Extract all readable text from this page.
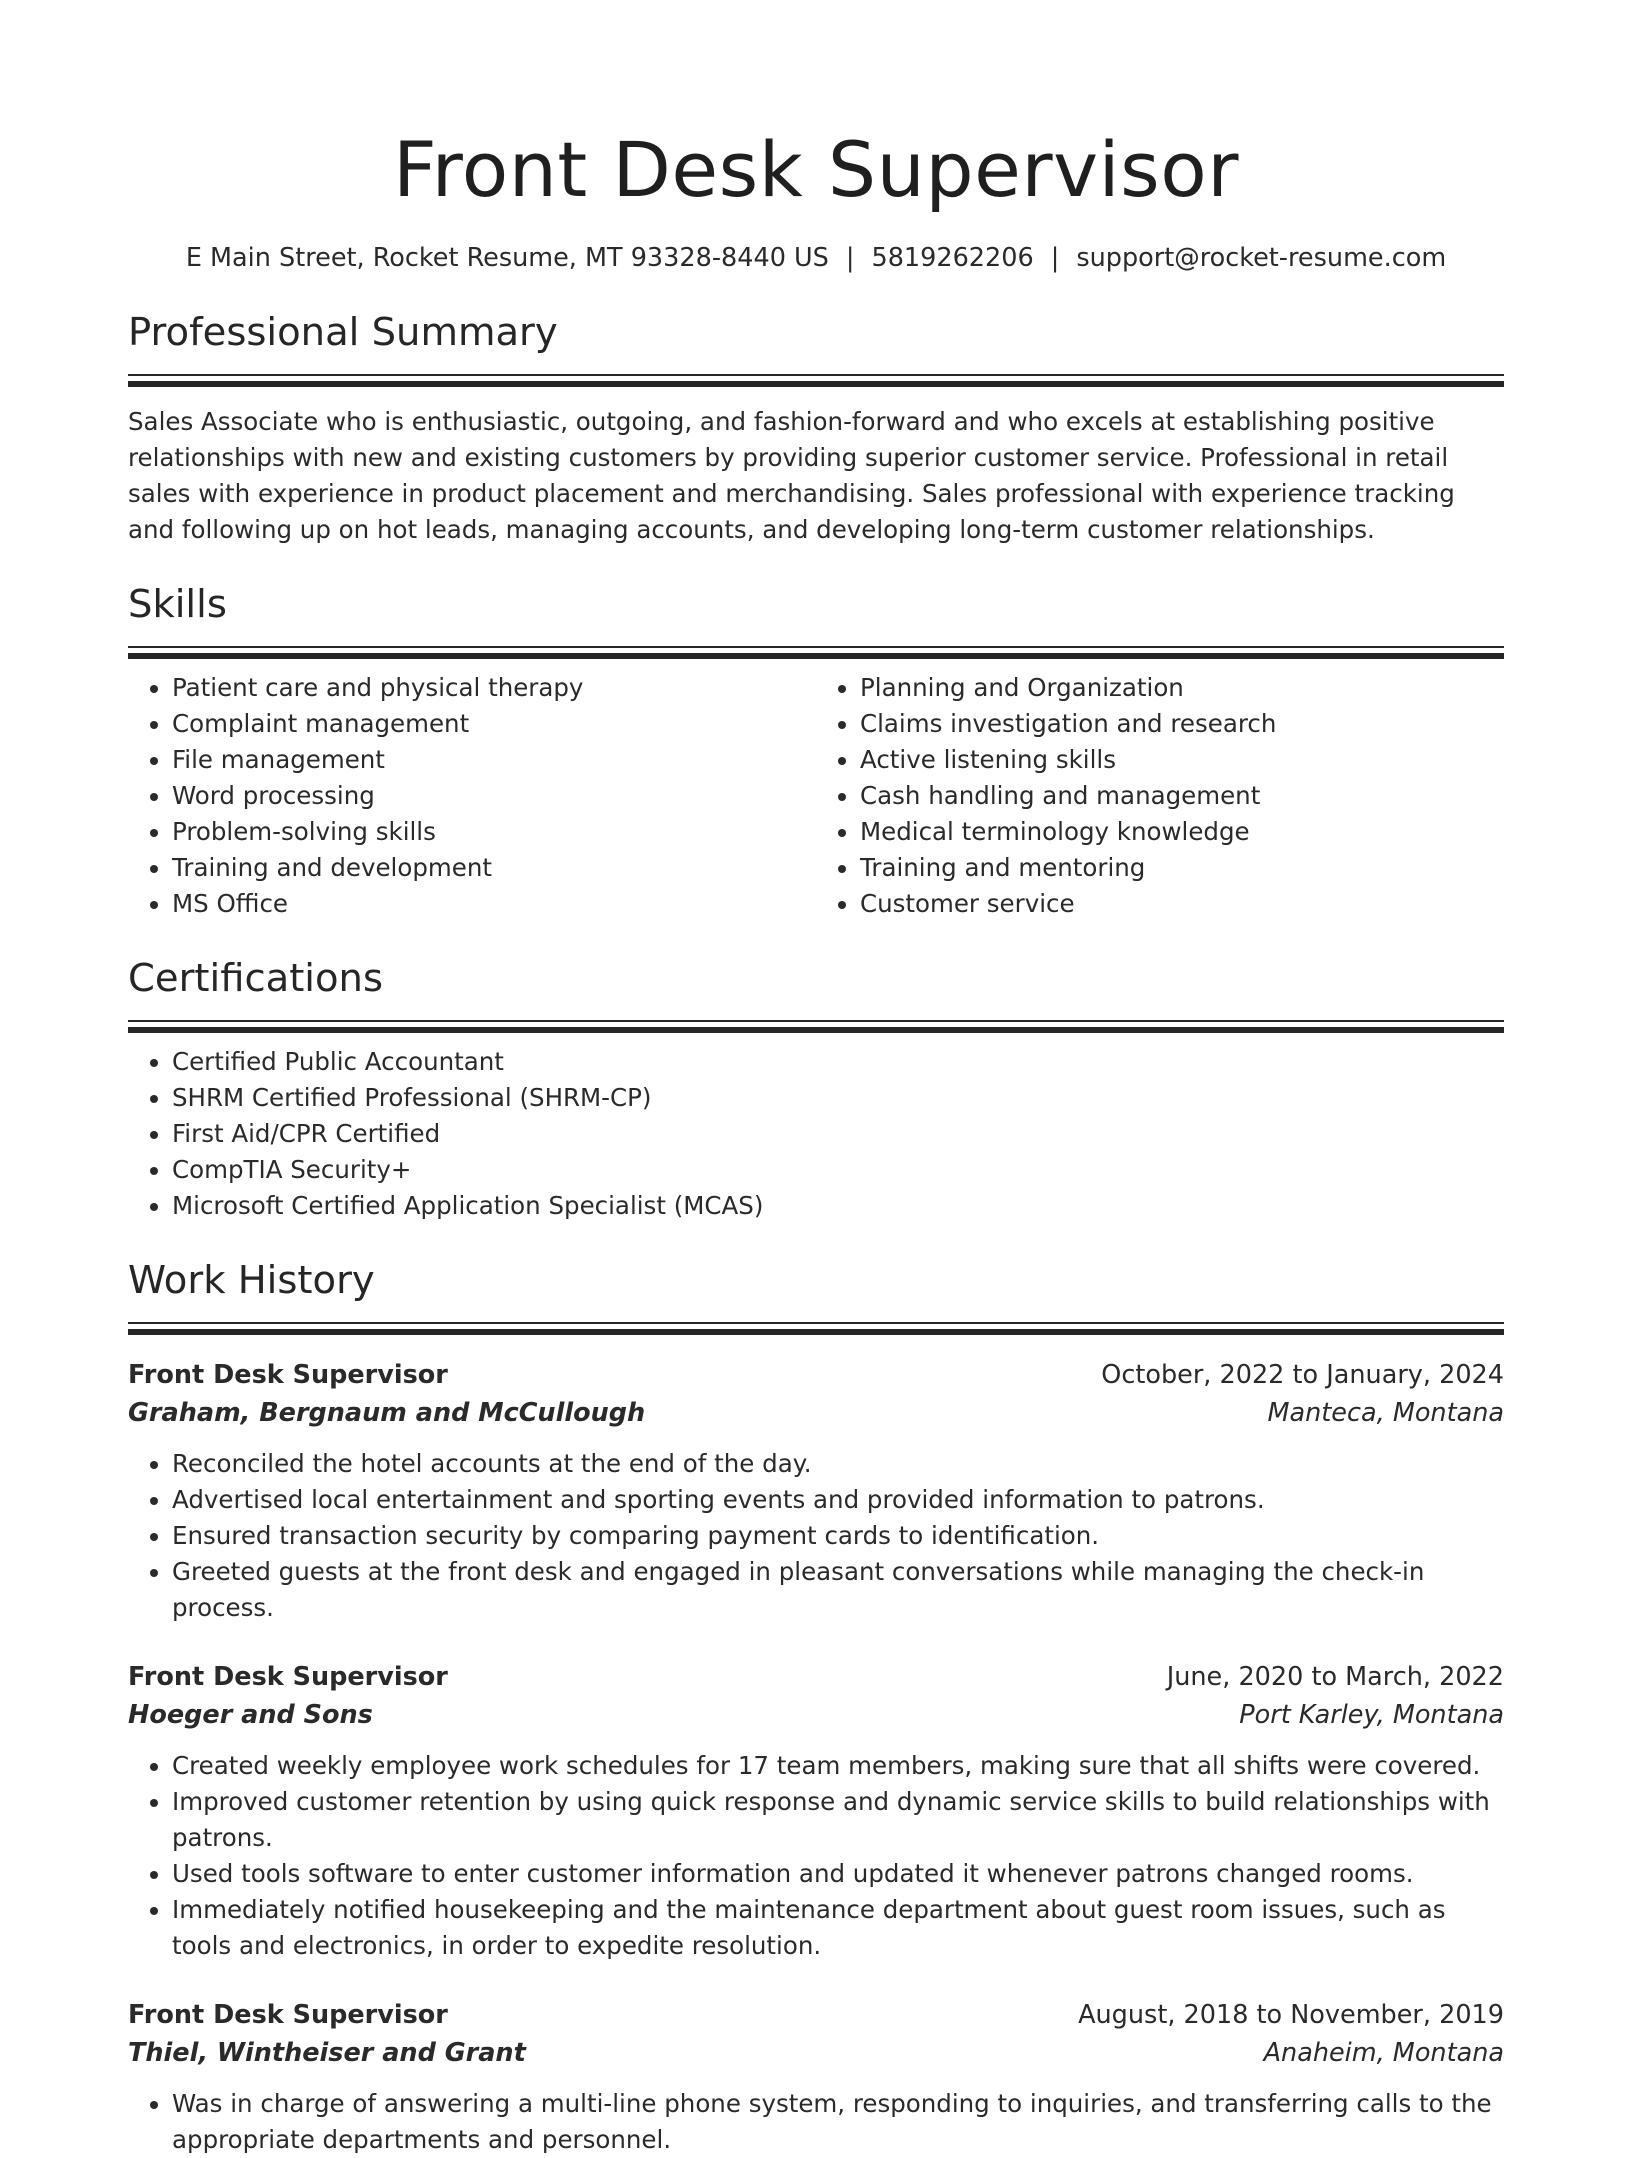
Front Desk Supervisor
E Main Street, Rocket Resume, MT 93328-8440 US | 5819262206 | support@rocket-resume.com
Professional Summary
Sales Associate who is enthusiastic, outgoing, and fashion-forward and who excels at establishing positive relationships with new and existing customers by providing superior customer service. Professional in retail sales with experience in product placement and merchandising. Sales professional with experience tracking and following up on hot leads, managing accounts, and developing long-term customer relationships.
Skills
• Patient care and physical therapy
• Complaint management
• File management
• Word processing
• Problem-solving skills
• Training and development
• MS Office
• Planning and Organization
• Claims investigation and research
• Active listening skills
• Cash handling and management
• Medical terminology knowledge
• Training and mentoring
• Customer service
Certifications
• Certified Public Accountant
• SHRM Certified Professional (SHRM-CP)
• First Aid/CPR Certified
• CompTIA Security+
• Microsoft Certified Application Specialist (MCAS)
Work History
Front Desk Supervisor	October, 2022 to January, 2024
Graham, Bergnaum and McCullough	Manteca, Montana
• Reconciled the hotel accounts at the end of the day.
• Advertised local entertainment and sporting events and provided information to patrons.
• Ensured transaction security by comparing payment cards to identification.
• Greeted guests at the front desk and engaged in pleasant conversations while managing the check-in process.
Front Desk Supervisor	June, 2020 to March, 2022
Hoeger and Sons	Port Karley, Montana
• Created weekly employee work schedules for 17 team members, making sure that all shifts were covered.
• Improved customer retention by using quick response and dynamic service skills to build relationships with patrons.
• Used tools software to enter customer information and updated it whenever patrons changed rooms.
• Immediately notified housekeeping and the maintenance department about guest room issues, such as tools and electronics, in order to expedite resolution.
Front Desk Supervisor	August, 2018 to November, 2019
Thiel, Wintheiser and Grant	Anaheim, Montana
• Was in charge of answering a multi-line phone system, responding to inquiries, and transferring calls to the appropriate departments and personnel.
